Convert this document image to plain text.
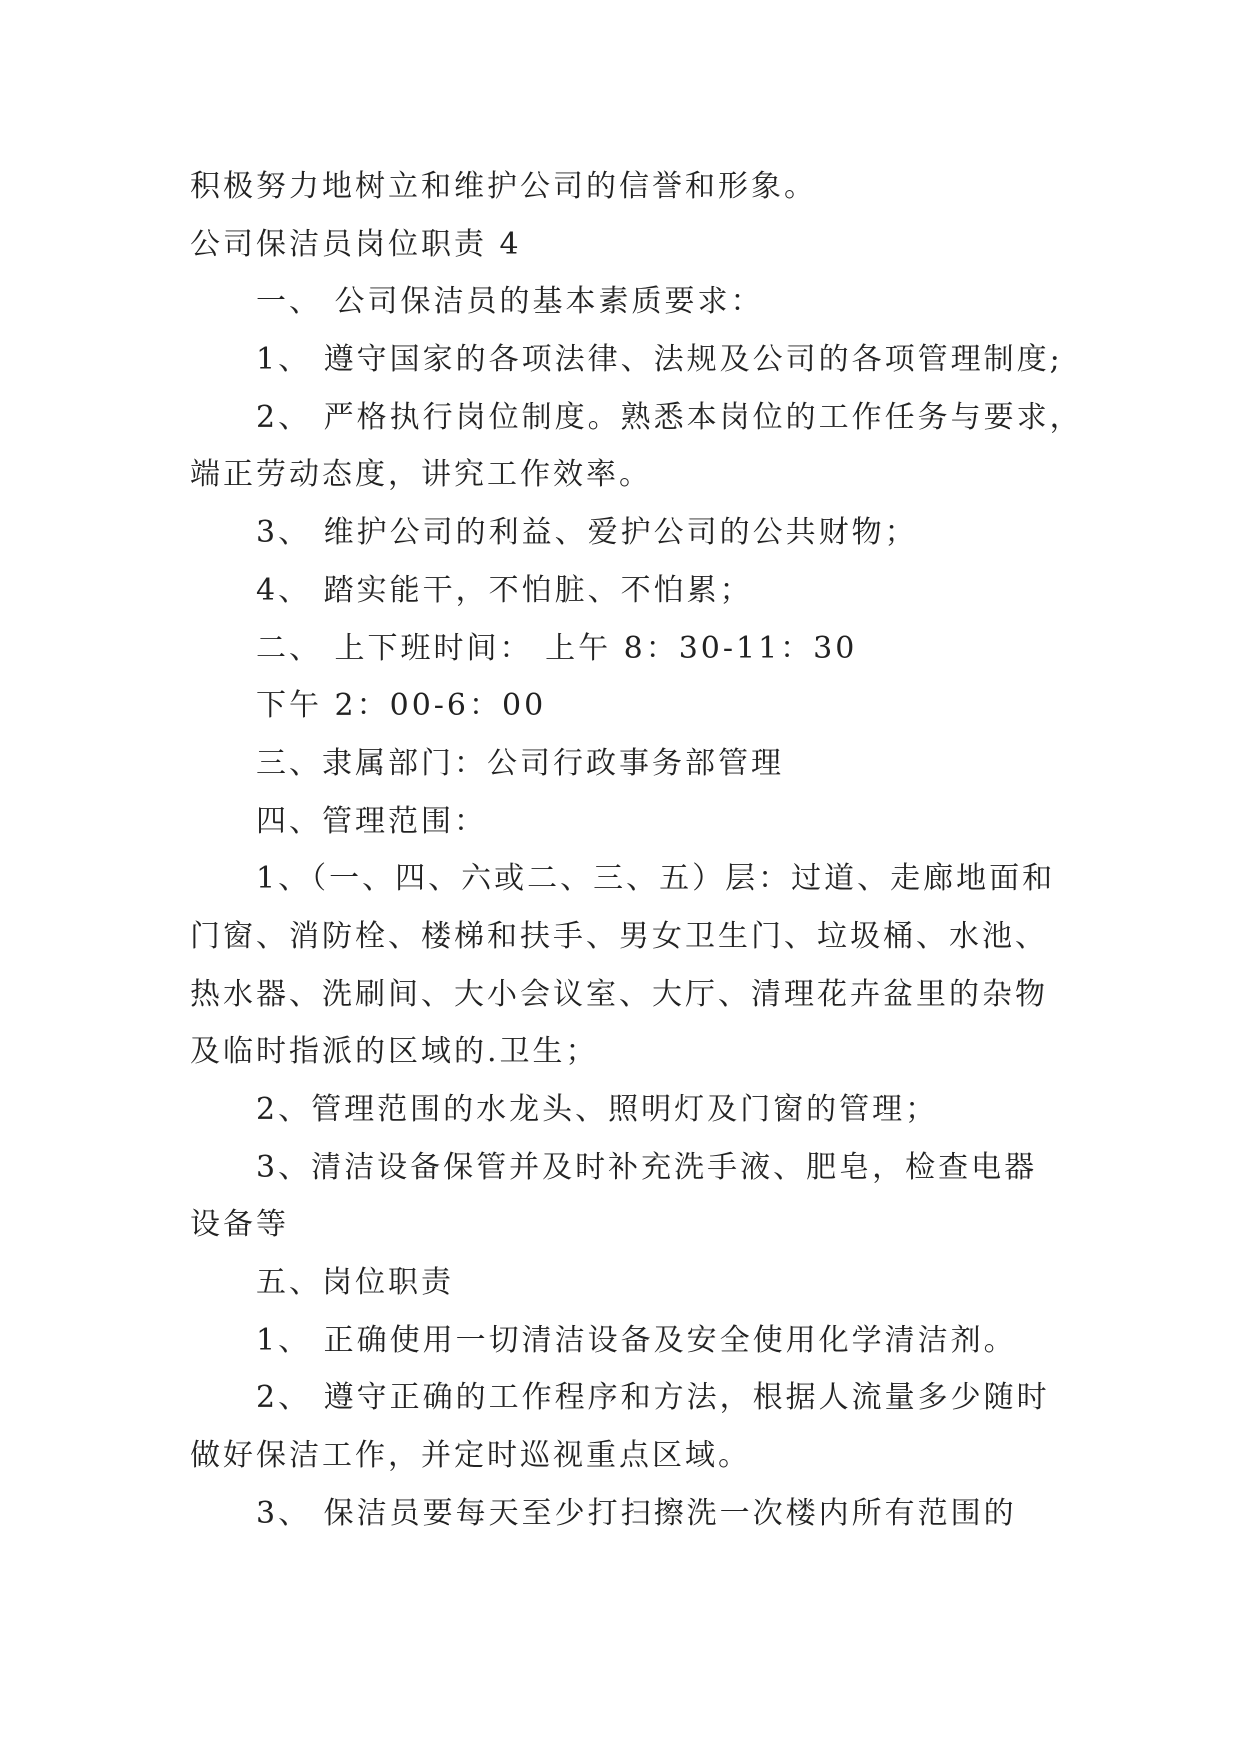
积极努力地树立和维护公司的信誉和形象。
公司保洁员岗位职责 4
一、 公司保洁员的基本素质要求：
1、 遵守国家的各项法律、法规及公司的各项管理制度;
2、 严格执行岗位制度。熟悉本岗位的工作任务与要求，
端正劳动态度，讲究工作效率。
3、 维护公司的利益、爱护公司的公共财物；
4、 踏实能干，不怕脏、不怕累；
二、 上下班时间： 上午 8：30-11：30
下午 2：00-6：00
三、隶属部门：公司行政事务部管理
四、管理范围：
1、（一、四、六或二、三、五）层：过道、走廊地面和
门窗、消防栓、楼梯和扶手、男女卫生门、垃圾桶、水池、
热水器、洗刷间、大小会议室、大厅、清理花卉盆里的杂物
及临时指派的区域的.卫生；
2、管理范围的水龙头、照明灯及门窗的管理；
3、清洁设备保管并及时补充洗手液、肥皂，检查电器
设备等
五、岗位职责
1、 正确使用一切清洁设备及安全使用化学清洁剂。
2、 遵守正确的工作程序和方法，根据人流量多少随时
做好保洁工作，并定时巡视重点区域。
3、 保洁员要每天至少打扫擦洗一次楼内所有范围的
